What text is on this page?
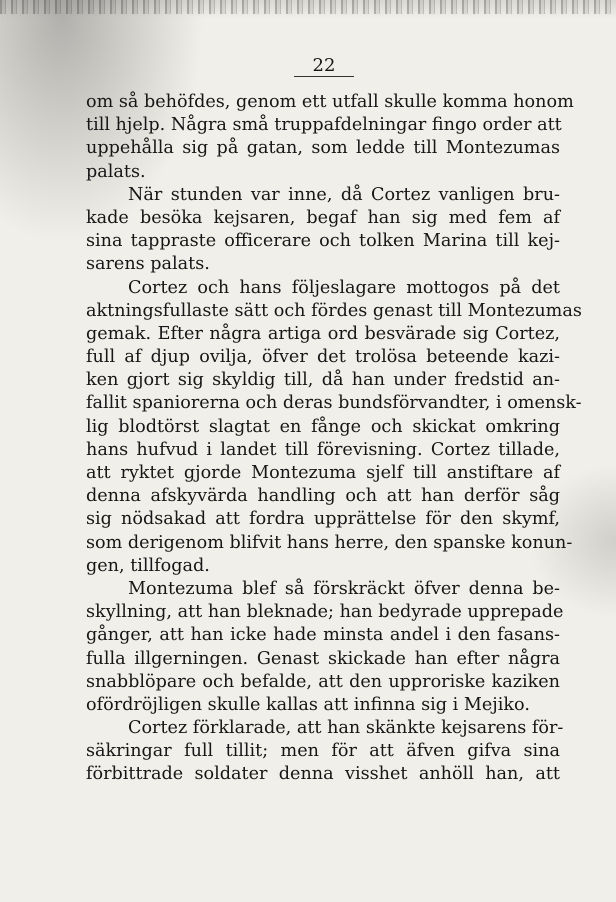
22
om så behöfdes, genom ett utfall skulle komma honom
till hjelp. Några små truppafdelningar fingo order att
uppehålla sig på gatan, som ledde till Montezumas
palats.
När stunden var inne, då Cortez vanligen bru-
kade besöka kejsaren, begaf han sig med fem af
sina tappraste officerare och tolken Marina till kej-
sarens palats.
Cortez och hans följeslagare mottogos på det
aktningsfullaste sätt och fördes genast till Montezumas
gemak. Efter några artiga ord besvärade sig Cortez,
full af djup ovilja, öfver det trolösa beteende kazi-
ken gjort sig skyldig till, då han under fredstid an-
fallit spaniorerna och deras bundsförvandter, i omensk-
lig blodtörst slagtat en fånge och skickat omkring
hans hufvud i landet till förevisning. Cortez tillade,
att ryktet gjorde Montezuma sjelf till anstiftare af
denna afskyvärda handling och att han derför såg
sig nödsakad att fordra upprättelse för den skymf,
som derigenom blifvit hans herre, den spanske konun-
gen, tillfogad.
Montezuma blef så förskräckt öfver denna be-
skyllning, att han bleknade; han bedyrade upprepade
gånger, att han icke hade minsta andel i den fasans-
fulla illgerningen. Genast skickade han efter några
snabblöpare och befalde, att den upproriske kaziken
ofördröjligen skulle kallas att infinna sig i Mejiko.
Cortez förklarade, att han skänkte kejsarens för-
säkringar full tillit; men för att äfven gifva sina
förbittrade soldater denna visshet anhöll han, att
